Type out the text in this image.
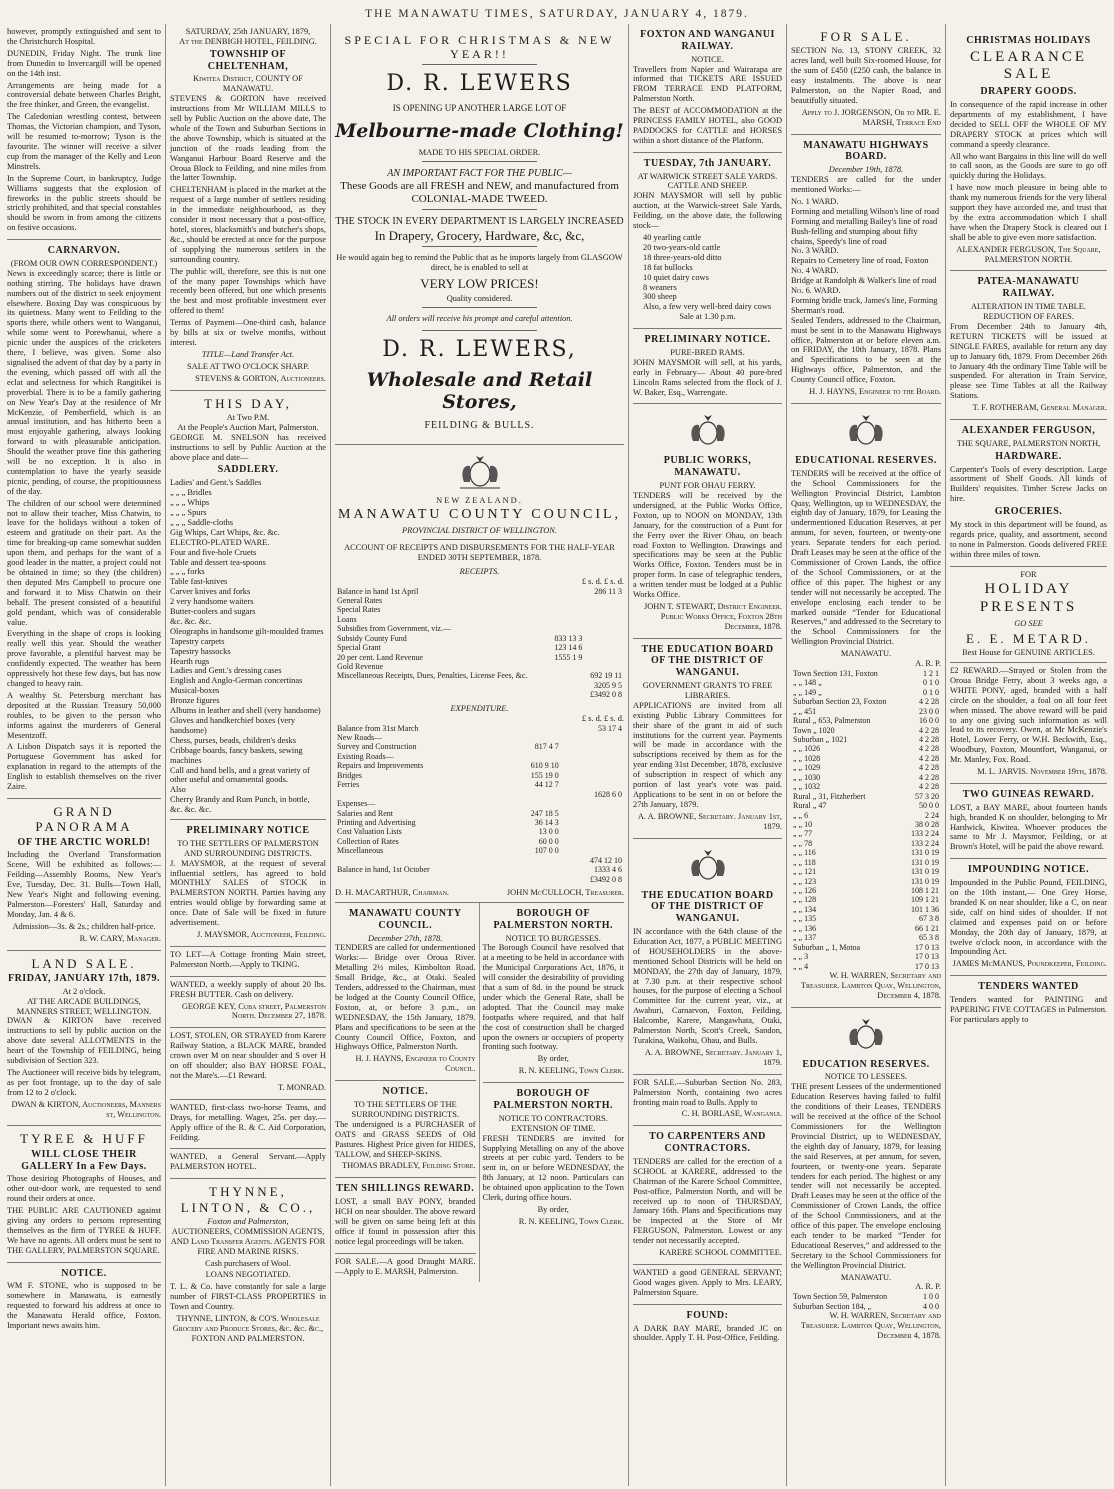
THE MANAWATU TIMES, SATURDAY, JANUARY 4, 1879.

however, promptly extinguished and sent to the Christchurch Hospital.

DUNEDIN, Friday Night. The trunk line from Dunedin to Invercargill will be opened on the 14th inst.

Arrangements are being made for a controversial debate between Charles Bright, the free thinker, and Green, the evangelist.

The Caledonian wrestling contest, between Thomas, the Victorian champion, and Tyson, will be resumed to-morrow; Tyson is the favourite. The winner will receive a silver cup from the manager of the Kelly and Leon Minstrels.

In the Supreme Court, in bankruptcy, Judge Williams suggests that the explosion of fireworks in the public streets should be strictly prohibited, and that special constables should be sworn in from among the citizens on festive occasions.

CARNARVON.
(FROM OUR OWN CORRESPONDENT.)

News is exceedingly scarce; there is little or nothing stirring. The holidays have drawn numbers out of the district to seek enjoyment elsewhere. Boxing Day was conspicuous by its quietness. Many went to Feilding to the sports there, while others went to Wanganui, while some went to Porewhanui, where a picnic under the auspices of the cricketers there, I believe, was given. Some also signalised the advent of that day by a party in the evening, which passed off with all the eclat and selectness for which Rangitikei is proverbial. There is to be a family gathering on New Year's Day at the residence of Mr McKenzie, of Pemberfield, which is an annual institution, and has hitherto been a most enjoyable gathering, always looking forward to with pleasurable anticipation. Should the weather prove fine this gathering will be no exception. It is also in contemplation to have the yearly seaside picnic, pending, of course, the propitiousness of the day.

The children of our school were determined not to allow their teacher, Miss Chatwin, to leave for the holidays without a token of esteem and gratitude on their part. As the time for breaking-up came somewhat sudden upon them, and perhaps for the want of a good leader in the matter, a project could not be obtained in time; so they (the children) then deputed Mrs Campbell to procure one and forward it to Miss Chatwin on their behalf. The present consisted of a beautiful gold pendant, which was of considerable value.

Everything in the shape of crops is looking really well this year. Should the weather prove favorable, a plentiful harvest may be confidently expected. The weather has been oppressively hot these few days, but has now changed to heavy rain.

A wealthy St. Petersburg merchant has deposited at the Russian Treasury 50,000 roubles, to be given to the person who informs against the murderers of General Mesentzoff.

A Lisbon Dispatch says it is reported the Portuguese Government has asked for explanation in regard to the attempts of the English to establish themselves on the river Zaire.

GRAND PANORAMA
OF THE ARCTIC WORLD!

Including the Overland Transformation Scene, Will be exhibited as follows:— Feilding—Assembly Rooms, New Year's Eve, Tuesday, Dec. 31. Bulls—Town Hall, New Year's Night and following evening. Palmerston—Foresters' Hall, Saturday and Monday, Jan. 4 & 6.

Admission—3s. & 2s.; children half-price.

R. W. CARY, Manager.

LAND SALE.
FRIDAY, JANUARY 17th, 1879.
At 2 o'clock.
AT THE ARCADE BUILDINGS, MANNERS STREET, WELLINGTON.

DWAN & KIRTON have received instructions to sell by public auction on the above date several ALLOTMENTS in the heart of the Township of FEILDING, being subdivision of Section 323.

The Auctioneer will receive bids by telegram, as per foot frontage, up to the day of sale from 12 to 2 o'clock.

DWAN & KIRTON, Auctioneers, Manners st, Wellington.

TYREE & HUFF
WILL CLOSE THEIR GALLERY In a Few Days.

Those desiring Photographs of Houses, and other out-door work, are requested to send round their orders at once.

THE PUBLIC ARE CAUTIONED against giving any orders to persons representing themselves as the firm of TYREE & HUFF. We have no agents. All orders must be sent to THE GALLERY, PALMERSTON SQUARE.

NOTICE.

WM F. STONE, who is supposed to be somewhere in Manawatu, is earnestly requested to forward his address at once to the Manawatu Herald office, Foxton. Important news awaits him.

SATURDAY, 25th JANUARY, 1879,
At the DENBIGH HOTEL, FEILDING.
TOWNSHIP OF CHELTENHAM,
Kiwitea District, COUNTY OF MANAWATU.

STEVENS & GORTON have received instructions from Mr WILLIAM MILLS to sell by Public Auction on the above date, The whole of the Town and Suburban Sections in the above Township, which is situated at the junction of the roads leading from the Wanganui Harbour Board Reserve and the Oroua Block to Feilding, and nine miles from the latter Township.

CHELTENHAM is placed in the market at the request of a large number of settlers residing in the immediate neighbourhood, as they consider it most necessary that a post-office, hotel, stores, blacksmith's and butcher's shops, &c., should be erected at once for the purpose of supplying the numerous settlers in the surrounding country.

The public will, therefore, see this is not one of the many paper Townships which have recently been offered, but one which presents the best and most profitable investment ever offered to them!

Terms of Payment—One-third cash, balance by bills at six or twelve months, without interest.

TITLE—Land Transfer Act.

SALE AT TWO O'CLOCK SHARP.

STEVENS & GORTON, Auctioneers.

THIS DAY,
At Two P.M.
At the People's Auction Mart, Palmerston.

GEORGE M. SNELSON has received instructions to sell by Public Auction at the above place and date—

SADDLERY.

Ladies' and Gent.'s Saddles

„ „ „ Bridles

„ „ „ Whips

„ „ „ Spurs

„ „ „ Saddle-cloths

Gig Whips, Cart Whips, &c. &c.

ELECTRO-PLATED WARE.

Four and five-hole Cruets

Table and dessert tea-spoons

„ „ „ forks

Table fast-knives

Carver knives and forks

2 very handsome waiters

Butter-coolers and sugars

&c. &c. &c.

Oleographs in handsome gilt-moulded frames

Tapestry carpets

Tapestry hassocks

Hearth rugs

Ladies and Gent.'s dressing cases

English and Anglo-German concertinas

Musical-boxes

Bronze figures

Albums in leather and shell (very handsome)

Gloves and handkerchief boxes (very handsome)

Chess, purses, beads, children's desks

Cribbage boards, fancy baskets, sewing machines

Call and hand bells, and a great variety of other useful and ornamental goods.

Also

Cherry Brandy and Rum Punch, in bottle,

&c. &c. &c.

PRELIMINARY NOTICE
TO THE SETTLERS OF PALMERSTON AND SURROUNDING DISTRICTS.

J. MAYSMOR, at the request of several influential settlers, has agreed to hold MONTHLY SALES of STOCK in PALMERSTON NORTH. Parties having any entries would oblige by forwarding same at once. Date of Sale will be fixed in future advertisement.

J. MAYSMOR, Auctioneer, Feilding.

TO LET—A Cottage fronting Main street, Palmerston North.—Apply to TKING.

WANTED, a weekly supply of about 20 lbs. FRESH BUTTER. Cash on delivery.

GEORGE KEY, Cuba street, Palmerston North. December 27, 1878.

LOST, STOLEN, OR STRAYED from Karere Railway Station, a BLACK MARE, branded crown over M on near shoulder and S over H on off shoulder; also BAY HORSE FOAL, not the Mare's.—£1 Reward.

T. MONRAD.

WANTED, first-class two-horse Teams, and Drays, for metalling. Wages, 25s. per day.—Apply office of the R. & C. Aid Corporation, Feilding.

WANTED, a General Servant.—Apply PALMERSTON HOTEL.

THYNNE, LINTON, & CO.,
Foxton and Palmerston,

AUCTIONEERS, COMMISSION AGENTS, AND Land Transfer Agents. AGENTS FOR FIRE AND MARINE RISKS.

Cash purchasers of Wool.

LOANS NEGOTIATED.

T. L. & Co. have constantly for sale a large number of FIRST-CLASS PROPERTIES in Town and Country.

THYNNE, LINTON, & CO'S. Wholesale Grocery and Produce Stores, &c. &c. &c., FOXTON AND PALMERSTON.

SPECIAL FOR CHRISTMAS & NEW YEAR!!
D. R. LEWERS
IS OPENING UP ANOTHER LARGE LOT OF
Melbourne-made Clothing!
MADE TO HIS SPECIAL ORDER.
AN IMPORTANT FACT FOR THE PUBLIC—
These Goods are all FRESH and NEW, and manufactured from COLONIAL-MADE TWEED.
THE STOCK IN EVERY DEPARTMENT IS LARGELY INCREASED
In Drapery, Grocery, Hardware, &c, &c,

He would again beg to remind the Public that as he imports largely from GLASGOW direct, he is enabled to sell at

VERY LOW PRICES!
Quality considered.
All orders will receive his prompt and careful attention.
D. R. LEWERS,
Wholesale and Retail Stores,
FEILDING & BULLS.
NEW ZEALAND.
MANAWATU COUNTY COUNCIL,
PROVINCIAL DISTRICT OF WELLINGTON.
ACCOUNT OF RECEIPTS AND DISBURSEMENTS FOR THE HALF-YEAR ENDED 30TH SEPTEMBER, 1878.
RECEIPTS.
£ s. d. £ s. d.
Balance in hand 1st April		286 11 3
General Rates		
Special Rates		
Loans		
Subsidies from Government, viz.—		
Subsidy County Fund	833 13 3	
Special Grant	123 14 6	
20 per cent. Land Revenue	1555 1 9	
Gold Revenue		
Miscellaneous Receipts, Dues, Penalties, License Fees, &c.		692 19 11
		3205 9 5
		£3492 0 8
EXPENDITURE.
£ s. d. £ s. d.
Balance from 31st March		53 17 4
New Roads—		
Survey and Construction	817 4 7	
Existing Roads—		
Repairs and Improvements	610 9 10	
Bridges	155 19 0	
Ferries	44 12 7	
		1628 6 0
Expenses—		
Salaries and Rent	247 18 5	
Printing and Advertising	36 14 3	
Cost Valuation Lists	13 0 0	
Collection of Rates	60 0 0	
Miscellaneous	107 0 0	
		474 12 10
Balance in hand, 1st October		1333 4 6
		£3492 0 8
D. H. MACARTHUR, Chairman.	JOHN McCULLOCH, Treasurer.
MANAWATU COUNTY COUNCIL.
December 27th, 1878.

TENDERS are called for undermentioned Works:— Bridge over Oroua River. Metalling 2½ miles, Kimbolton Road. Small Bridge, &c., at Otaki. Sealed Tenders, addressed to the Chairman, must be lodged at the County Council Office, Foxton, at, or before 3 p.m., on WEDNESDAY, the 15th January, 1879. Plans and specifications to be seen at the County Council Office, Foxton, and Highways Office, Palmerston North.

H. J. HAYNS, Engineer to County Council.

NOTICE.
TO THE SETTLERS OF THE SURROUNDING DISTRICTS.

The undersigned is a PURCHASER of OATS and GRASS SEEDS of Old Pastures. Highest Price given for HIDES, TALLOW, and SHEEP-SKINS.

THOMAS BRADLEY, Feilding Store.

TEN SHILLINGS REWARD.

LOST, a small BAY PONY, branded HCH on near shoulder. The above reward will be given on same being left at this office if found in possession after this notice legal proceedings will be taken.

FOR SALE.—A good Draught MARE.—Apply to E. MARSH, Palmerston.

BOROUGH OF PALMERSTON NORTH.
NOTICE TO BURGESSES.

The Borough Council have resolved that at a meeting to be held in accordance with the Municipal Corporations Act, 1876, it will consider the desirability of providing that a sum of 8d. in the pound be struck under which the General Rate, shall be adopted. That the Council may make footpaths where required, and that half the cost of construction shall be charged upon the owners or occupiers of property fronting such footway.

By order,

R. N. KEELING, Town Clerk.

BOROUGH OF PALMERSTON NORTH.
NOTICE TO CONTRACTORS.
EXTENSION OF TIME.

FRESH TENDERS are invited for Supplying Metalling on any of the above streets at per cubic yard. Tenders to be sent in, on or before WEDNESDAY, the 8th January, at 12 noon. Particulars can be obtained upon application to the Town Clerk, during office hours.

By order,

R. N. KEELING, Town Clerk.

FOXTON AND WANGANUI RAILWAY.
NOTICE.

Travellers from Napier and Wairarapa are informed that TICKETS ARE ISSUED FROM TERRACE END PLATFORM, Palmerston North.

The BEST of ACCOMMODATION at the PRINCESS FAMILY HOTEL, also GOOD PADDOCKS for CATTLE and HORSES within a short distance of the Platform.

TUESDAY, 7th JANUARY.
AT WARWICK STREET SALE YARDS.
CATTLE AND SHEEP.

JOHN MAYSMOR will sell by public auction, at the Warwick-street Sale Yards, Feilding, on the above date, the following stock—

40 yearling cattle

20 two-years-old cattle

18 three-years-old ditto

18 fat bullocks

10 quiet dairy cows

8 weaners

300 sheep

Also, a few very well-bred dairy cows

Sale at 1.30 p.m.

PRELIMINARY NOTICE.
PURE-BRED RAMS.

JOHN MAYSMOR will sell, at his yards, early in February— About 40 pure-bred Lincoln Rams selected from the flock of J. W. Baker, Esq., Warrengate.

PUBLIC WORKS, MANAWATU.
PUNT FOR OHAU FERRY.

TENDERS will be received by the undersigned, at the Public Works Office, Foxton, up to NOON on MONDAY, 13th January, for the construction of a Punt for the Ferry over the River Ohau, on beach road Foxton to Wellington. Drawings and specifications may be seen at the Public Works Office, Foxton. Tenders must be in proper form. In case of telegraphic tenders, a written tender must be lodged at a Public Works Office.

JOHN T. STEWART, District Engineer. Public Works Office, Foxton 28th December, 1878.

THE EDUCATION BOARD OF THE DISTRICT OF WANGANUI.
GOVERNMENT GRANTS TO FREE LIBRARIES.

APPLICATIONS are invited from all existing Public Library Committees for their share of the grant in aid of such institutions for the current year. Payments will be made in accordance with the subscriptions received by them as for the year ending 31st December, 1878, exclusive of subscription in respect of which any portion of last year's vote was paid. Applications to be sent in on or before the 27th January, 1879.

A. A. BROWNE, Secretary. January 1st, 1879.

THE EDUCATION BOARD OF THE DISTRICT OF WANGANUI.

IN accordance with the 64th clause of the Education Act, 1877, a PUBLIC MEETING of HOUSEHOLDERS in the above-mentioned School Districts will be held on MONDAY, the 27th day of January, 1879, at 7.30 p.m. at their respective school houses, for the purpose of electing a School Committee for the current year, viz., at Awahuri, Carnarvon, Foxton, Feilding, Halcombe, Karere, Mangawhata, Otaki, Palmerston North, Scott's Creek, Sandon, Turakina, Waikohu, Ohau, and Bulls.

A. A. BROWNE, Secretary. January 1, 1879.

FOR SALE.—Suburban Section No. 283, Palmerston North, containing two acres fronting main road to Bulls. Apply to

C. H. BORLASE, Wanganui.

TO CARPENTERS AND CONTRACTORS.

TENDERS are called for the erection of a SCHOOL at KARERE, addressed to the Chairman of the Karere School Committee, Post-office, Palmerston North, and will be received up to noon of THURSDAY, January 16th. Plans and Specifications may be inspected at the Store of Mr FERGUSON, Palmerston. Lowest or any tender not necessarily accepted.

KARERE SCHOOL COMMITTEE.

WANTED a good GENERAL SERVANT; Good wages given. Apply to Mrs. LEARY, Palmerston Square.

FOUND:

A DARK BAY MARE, branded JC on shoulder. Apply T. H. Post-Office, Feilding.

FOR SALE.

SECTION No. 13, STONY CREEK, 32 acres land, well built Six-roomed House, for the sum of £450 (£250 cash, the balance in easy instalments. The above is near Palmerston, on the Napier Road, and beautifully situated.

Apply to J. JORGENSON, Or to MR. E. MARSH, Terrace End

MANAWATU HIGHWAYS BOARD.
December 19th, 1878.

TENDERS are called for the under mentioned Works:—

No. 1 WARD.

Forming and metalling Wilson's line of road

Forming and metalling Bailey's line of road

Bush-felling and stumping about fifty chains, Speedy's line of road

No. 3 WARD.

Repairs to Cemetery line of road, Foxton

No. 4 WARD.

Bridge at Randolph & Walker's line of road

No. 6. WARD.

Forming bridle track, James's line, Forming Sherman's road.

Sealed Tenders, addressed to the Chairman, must be sent in to the Manawatu Highways office, Palmerston at or before eleven a.m. on FRIDAY, the 10th January, 1878. Plans and Specifications to be seen at the Highways office, Palmerston, and the County Council office, Foxton.

H. J. HAYNS, Engineer to the Board.

EDUCATIONAL RESERVES.

TENDERS will be received at the office of the School Commissioners for the Wellington Provincial District, Lambton Quay, Wellington, up to WEDNESDAY, the eighth day of January, 1879, for Leasing the undermentioned Education Reserves, at per annum, for seven, fourteen, or twenty-one years. Separate tenders for each period. Draft Leases may be seen at the office of the Commissioner of Crown Lands, the office of the School Commissioners, or at the office of this paper. The highest or any tender will not necessarily be accepted. The envelope enclosing each tender to be marked outside “Tender for Educational Reserves,” and addressed to the Secretary to the School Commissioners for the Wellington Provincial District.

MANAWATU.
A. R. P.
Town Section 131, Foxton	1 2 1
„ „ 148 „	0 1 0
„ „ 149 „	0 1 0
Suburban Section 23, Foxton	4 2 28
„ „ 451	23 0 0
Rural „ 653, Palmerston	16 0 0
Town „ 1020	4 2 28
Suburban „ 1021	4 2 28
„ „ 1026	4 2 28
„ „ 1028	4 2 28
„ „ 1029	4 2 28
„ „ 1030	4 2 28
„ „ 1032	4 2 28
Rural „ 31, Fitzherbert	57 3 20
Rural „ 47	50 0 0
„ „ 6	2 24
„ „ 10	38 0 28
„ „ 77	133 2 24
„ „ 78	133 2 24
„ „ 116	131 0 19
„ „ 118	131 0 19
„ „ 121	131 0 19
„ „ 123	131 0 19
„ „ 126	108 1 21
„ „ 128	109 1 21
„ „ 134	101 1 36
„ „ 135	67 3 8
„ „ 136	66 1 21
„ „ 137	65 3 8
Suburban „ 1, Motoa	17 0 13
„ „ 3	17 0 13
„ „ 4	17 0 13

W. H. WARREN, Secretary and Treasurer. Lambton Quay, Wellington, December 4, 1878.

EDUCATION RESERVES.
NOTICE TO LESSEES.

THE present Lessees of the undermentioned Education Reserves having failed to fulfil the conditions of their Leases, TENDERS will be received at the office of the School Commissioners for the Wellington Provincial District, up to WEDNESDAY, the eighth day of January, 1879, for leasing the said Reserves, at per annum, for seven, fourteen, or twenty-one years. Separate tenders for each period. The highest or any tender will not necessarily be accepted. Draft Leases may be seen at the office of the Commissioner of Crown Lands, the office of the School Commissioners, and at the office of this paper. The envelope enclosing each tender to be marked “Tender for Educational Reserves,” and addressed to the Secretary to the School Commissioners for the Wellington Provincial District.

MANAWATU.
A. R. P.
Town Section 59, Palmerston	1 0 0
Suburban Section 184, „	4 0 0

W. H. WARREN, Secretary and Treasurer. Lambton Quay, Wellington, December 4, 1878.

CHRISTMAS HOLIDAYS
CLEARANCE SALE
DRAPERY GOODS.

In consequence of the rapid increase in other departments of my establishment, I have decided to SELL OFF the WHOLE OF MY DRAPERY STOCK at prices which will command a speedy clearance.

All who want Bargains in this line will do well to call soon, as the Goods are sure to go off quickly during the Holidays.

I have now much pleasure in being able to thank my numerous friends for the very liberal support they have accorded me, and trust that by the extra accommodation which I shall have when the Drapery Stock is cleared out I shall be able to give even more satisfaction.

ALEXANDER FERGUSON, The Square, PALMERSTON NORTH.

PATEA-MANAWATU RAILWAY.
ALTERATION IN TIME TABLE.
REDUCTION OF FARES.

From December 24th to January 4th, RETURN TICKETS will be issued at SINGLE FARES, available for return any day up to January 6th, 1879. From December 26th to January 4th the ordinary Time Table will be suspended. For alteration in Train Service, please see Time Tables at all the Railway Stations.

T. F. ROTHERAM, General Manager.

ALEXANDER FERGUSON,
THE SQUARE, PALMERSTON NORTH,
HARDWARE.

Carpenter's Tools of every description. Large assortment of Shelf Goods. All kinds of Builders' requisites. Timber Screw Jacks on hire.

GROCERIES.

My stock in this department will be found, as regards price, quality, and assortment, second to none in Palmerston. Goods delivered FREE within three miles of town.

FOR
HOLIDAY PRESENTS
GO SEE
E. E. METARD.
Best House for GENUINE ARTICLES.

£2 REWARD.—Strayed or Stolen from the Oroua Bridge Ferry, about 3 weeks ago, a WHITE PONY, aged, branded with a half circle on the shoulder, a foal on all four feet when missed. The above reward will be paid to any one giving such information as will lead to its recovery. Owen, at Mr McKenzie's Hotel, Lower Ferry, or W.H. Beckwith, Esq., Woodbury, Foxton, Mountfort, Wanganui, or Mr. Manley, Fox. Road.

M. L. JARVIS. November 19th, 1878.

TWO GUINEAS REWARD.

LOST, a BAY MARE, about fourteen hands high, branded K on shoulder, belonging to Mr Hardwick, Kiwitea. Whoever produces the same to Mr J. Maysmor, Feilding, or at Brown's Hotel, will be paid the above reward.

IMPOUNDING NOTICE.

Impounded in the Public Pound, FEILDING, on the 10th instant,— One Grey Horse, branded K on near shoulder, like a C, on near side, calf on hind sides of shoulder. If not claimed and expenses paid on or before Monday, the 20th day of January, 1879, at twelve o'clock noon, in accordance with the Impounding Act.

JAMES McMANUS, Poundkeeper, Feilding.

TENDERS WANTED

Tenders wanted for PAINTING and PAPERING FIVE COTTAGES in Palmerston. For particulars apply to
